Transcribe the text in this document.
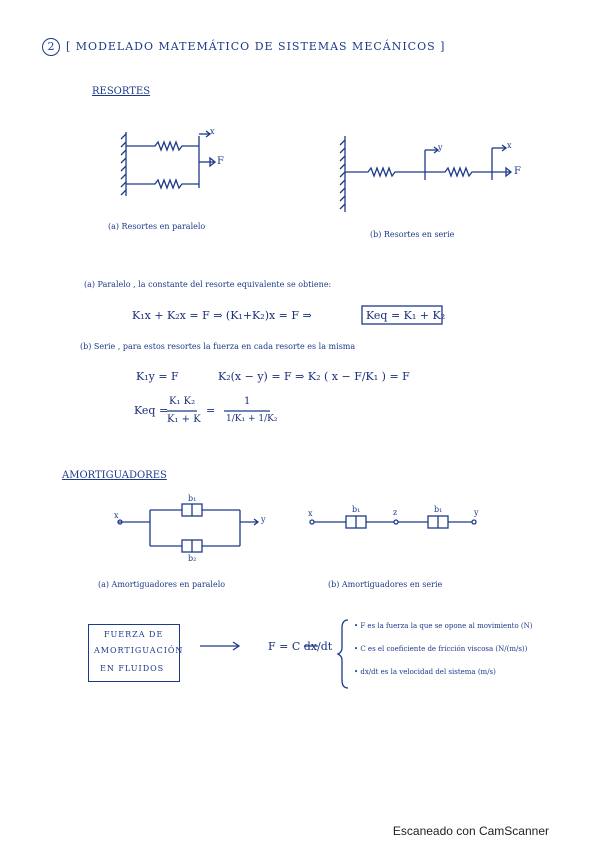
2	[ MODELADO MATEMÁTICO DE SISTEMAS MECÁNICOS ]
RESORTES
x
F
y	x
F
(a) Resortes en paralelo
(b) Resortes en serie
(a) Paralelo , la constante del resorte equivalente se obtiene:
K₁x + K₂x = F ⇒ (K₁+K₂)x = F ⇒	Keq = K₁ + K₂
(b) Serie , para estos resortes la fuerza en cada resorte es la misma
K₁y = F	K₂(x − y) = F ⇒ K₂ ( x − F/K₁ ) = F
Keq =
K₁ K₂
K₁ + K
=
1
1/K₁ + 1/K₂
AMORTIGUADORES
b₁
b₂
x	y
x	b₁	z	b₁	y
(a) Amortiguadores en paralelo	(b) Amortiguadores en serie
FUERZA DE
AMORTIGUACIÓN
EN FLUIDOS
F = C dx/dt
• F es la fuerza la que se opone al movimiento (N)
• C es el coeficiente de fricción viscosa (N/(m/s))
• dx/dt es la velocidad del sistema (m/s)
Escaneado con CamScanner
